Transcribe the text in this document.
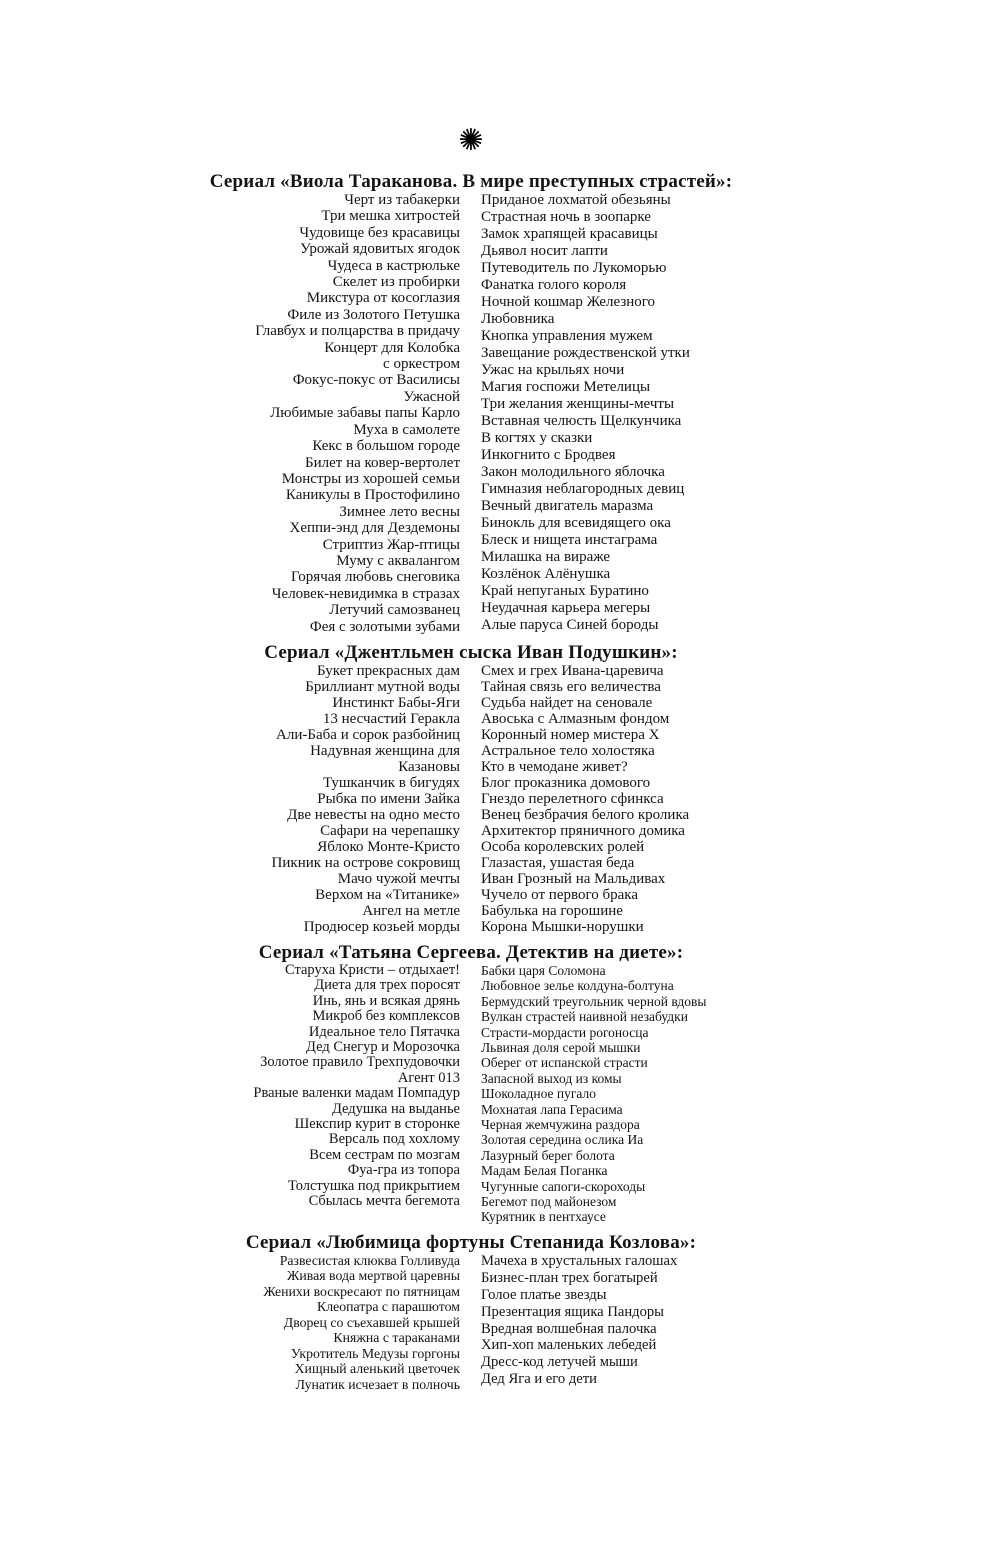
✺
Сериал «Виола Тараканова. В мире преступных страстей»:
Черт из табакерки
Три мешка хитростей
Чудовище без красавицы
Урожай ядовитых ягодок
Чудеса в кастрюльке
Скелет из пробирки
Микстура от косоглазия
Филе из Золотого Петушка
Главбух и полцарства в придачу
Концерт для Колобка
с оркестром
Фокус-покус от Василисы
Ужасной
Любимые забавы папы Карло
Муха в самолете
Кекс в большом городе
Билет на ковер-вертолет
Монстры из хорошей семьи
Каникулы в Простофилино
Зимнее лето весны
Хеппи-энд для Дездемоны
Стриптиз Жар-птицы
Муму с аквалангом
Горячая любовь снеговика
Человек-невидимка в стразах
Летучий самозванец
Фея с золотыми зубами
Приданое лохматой обезьяны
Страстная ночь в зоопарке
Замок храпящей красавицы
Дьявол носит лапти
Путеводитель по Лукоморью
Фанатка голого короля
Ночной кошмар Железного
Любовника
Кнопка управления мужем
Завещание рождественской утки
Ужас на крыльях ночи
Магия госпожи Метелицы
Три желания женщины-мечты
Вставная челюсть Щелкунчика
В когтях у сказки
Инкогнито с Бродвея
Закон молодильного яблочка
Гимназия неблагородных девиц
Вечный двигатель маразма
Бинокль для всевидящего ока
Блеск и нищета инстаграма
Милашка на вираже
Козлёнок Алёнушка
Край непуганых Буратино
Неудачная карьера мегеры
Алые паруса Синей бороды
Сериал «Джентльмен сыска Иван Подушкин»:
Букет прекрасных дам
Бриллиант мутной воды
Инстинкт Бабы-Яги
13 несчастий Геракла
Али-Баба и сорок разбойниц
Надувная женщина для
Казановы
Тушканчик в бигудях
Рыбка по имени Зайка
Две невесты на одно место
Сафари на черепашку
Яблоко Монте-Кристо
Пикник на острове сокровищ
Мачо чужой мечты
Верхом на «Титанике»
Ангел на метле
Продюсер козьей морды
Смех и грех Ивана-царевича
Тайная связь его величества
Судьба найдет на сеновале
Авоська с Алмазным фондом
Коронный номер мистера Х
Астральное тело холостяка
Кто в чемодане живет?
Блог проказника домового
Гнездо перелетного сфинкса
Венец безбрачия белого кролика
Архитектор пряничного домика
Особа королевских ролей
Глазастая, ушастая беда
Иван Грозный на Мальдивах
Чучело от первого брака
Бабулька на горошине
Корона Мышки-норушки
Сериал «Татьяна Сергеева. Детектив на диете»:
Старуха Кристи – отдыхает!
Диета для трех поросят
Инь, янь и всякая дрянь
Микроб без комплексов
Идеальное тело Пятачка
Дед Снегур и Морозочка
Золотое правило Трехпудовочки
Агент 013
Рваные валенки мадам Помпадур
Дедушка на выданье
Шекспир курит в сторонке
Версаль под хохлому
Всем сестрам по мозгам
Фуа-гра из топора
Толстушка под прикрытием
Сбылась мечта бегемота
Бабки царя Соломона
Любовное зелье колдуна-болтуна
Бермудский треугольник черной вдовы
Вулкан страстей наивной незабудки
Страсти-мордасти рогоносца
Львиная доля серой мышки
Оберег от испанской страсти
Запасной выход из комы
Шоколадное пугало
Мохнатая лапа Герасима
Черная жемчужина раздора
Золотая середина ослика Иа
Лазурный берег болота
Мадам Белая Поганка
Чугунные сапоги-скороходы
Бегемот под майонезом
Курятник в пентхаусе
Сериал «Любимица фортуны Степанида Козлова»:
Развесистая клюква Голливуда
Живая вода мертвой царевны
Женихи воскресают по пятницам
Клеопатра с парашютом
Дворец со съехавшей крышей
Княжна с тараканами
Укротитель Медузы горгоны
Хищный аленький цветочек
Лунатик исчезает в полночь
Мачеха в хрустальных галошах
Бизнес-план трех богатырей
Голое платье звезды
Презентация ящика Пандоры
Вредная волшебная палочка
Хип-хоп маленьких лебедей
Дресс-код летучей мыши
Дед Яга и его дети
